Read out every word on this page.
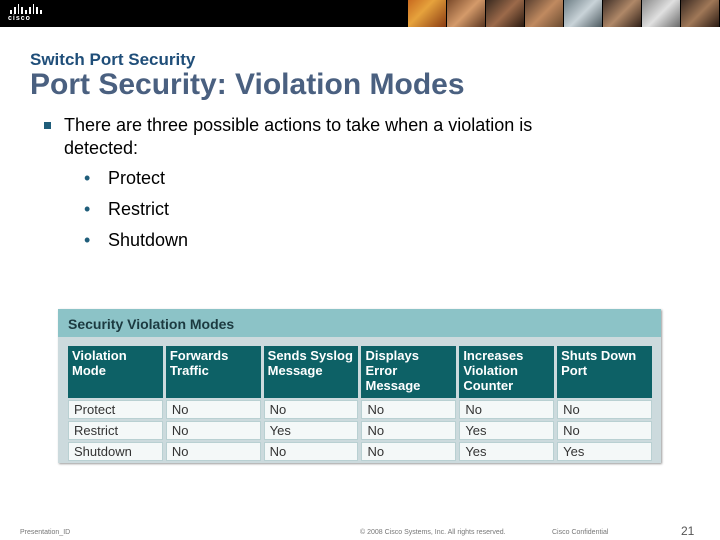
cisco
Switch Port Security
Port Security: Violation Modes
There are three possible actions to take when a violation is detected:
• Protect
• Restrict
• Shutdown
Security Violation Modes
Violation Mode	Forwards Traffic	Sends Syslog Message	Displays Error Message	Increases Violation Counter	Shuts Down Port
Protect	No	No	No	No	No
Restrict	No	Yes	No	Yes	No
Shutdown	No	No	No	Yes	Yes
Presentation_ID	© 2008 Cisco Systems, Inc. All rights reserved.	Cisco Confidential	21
